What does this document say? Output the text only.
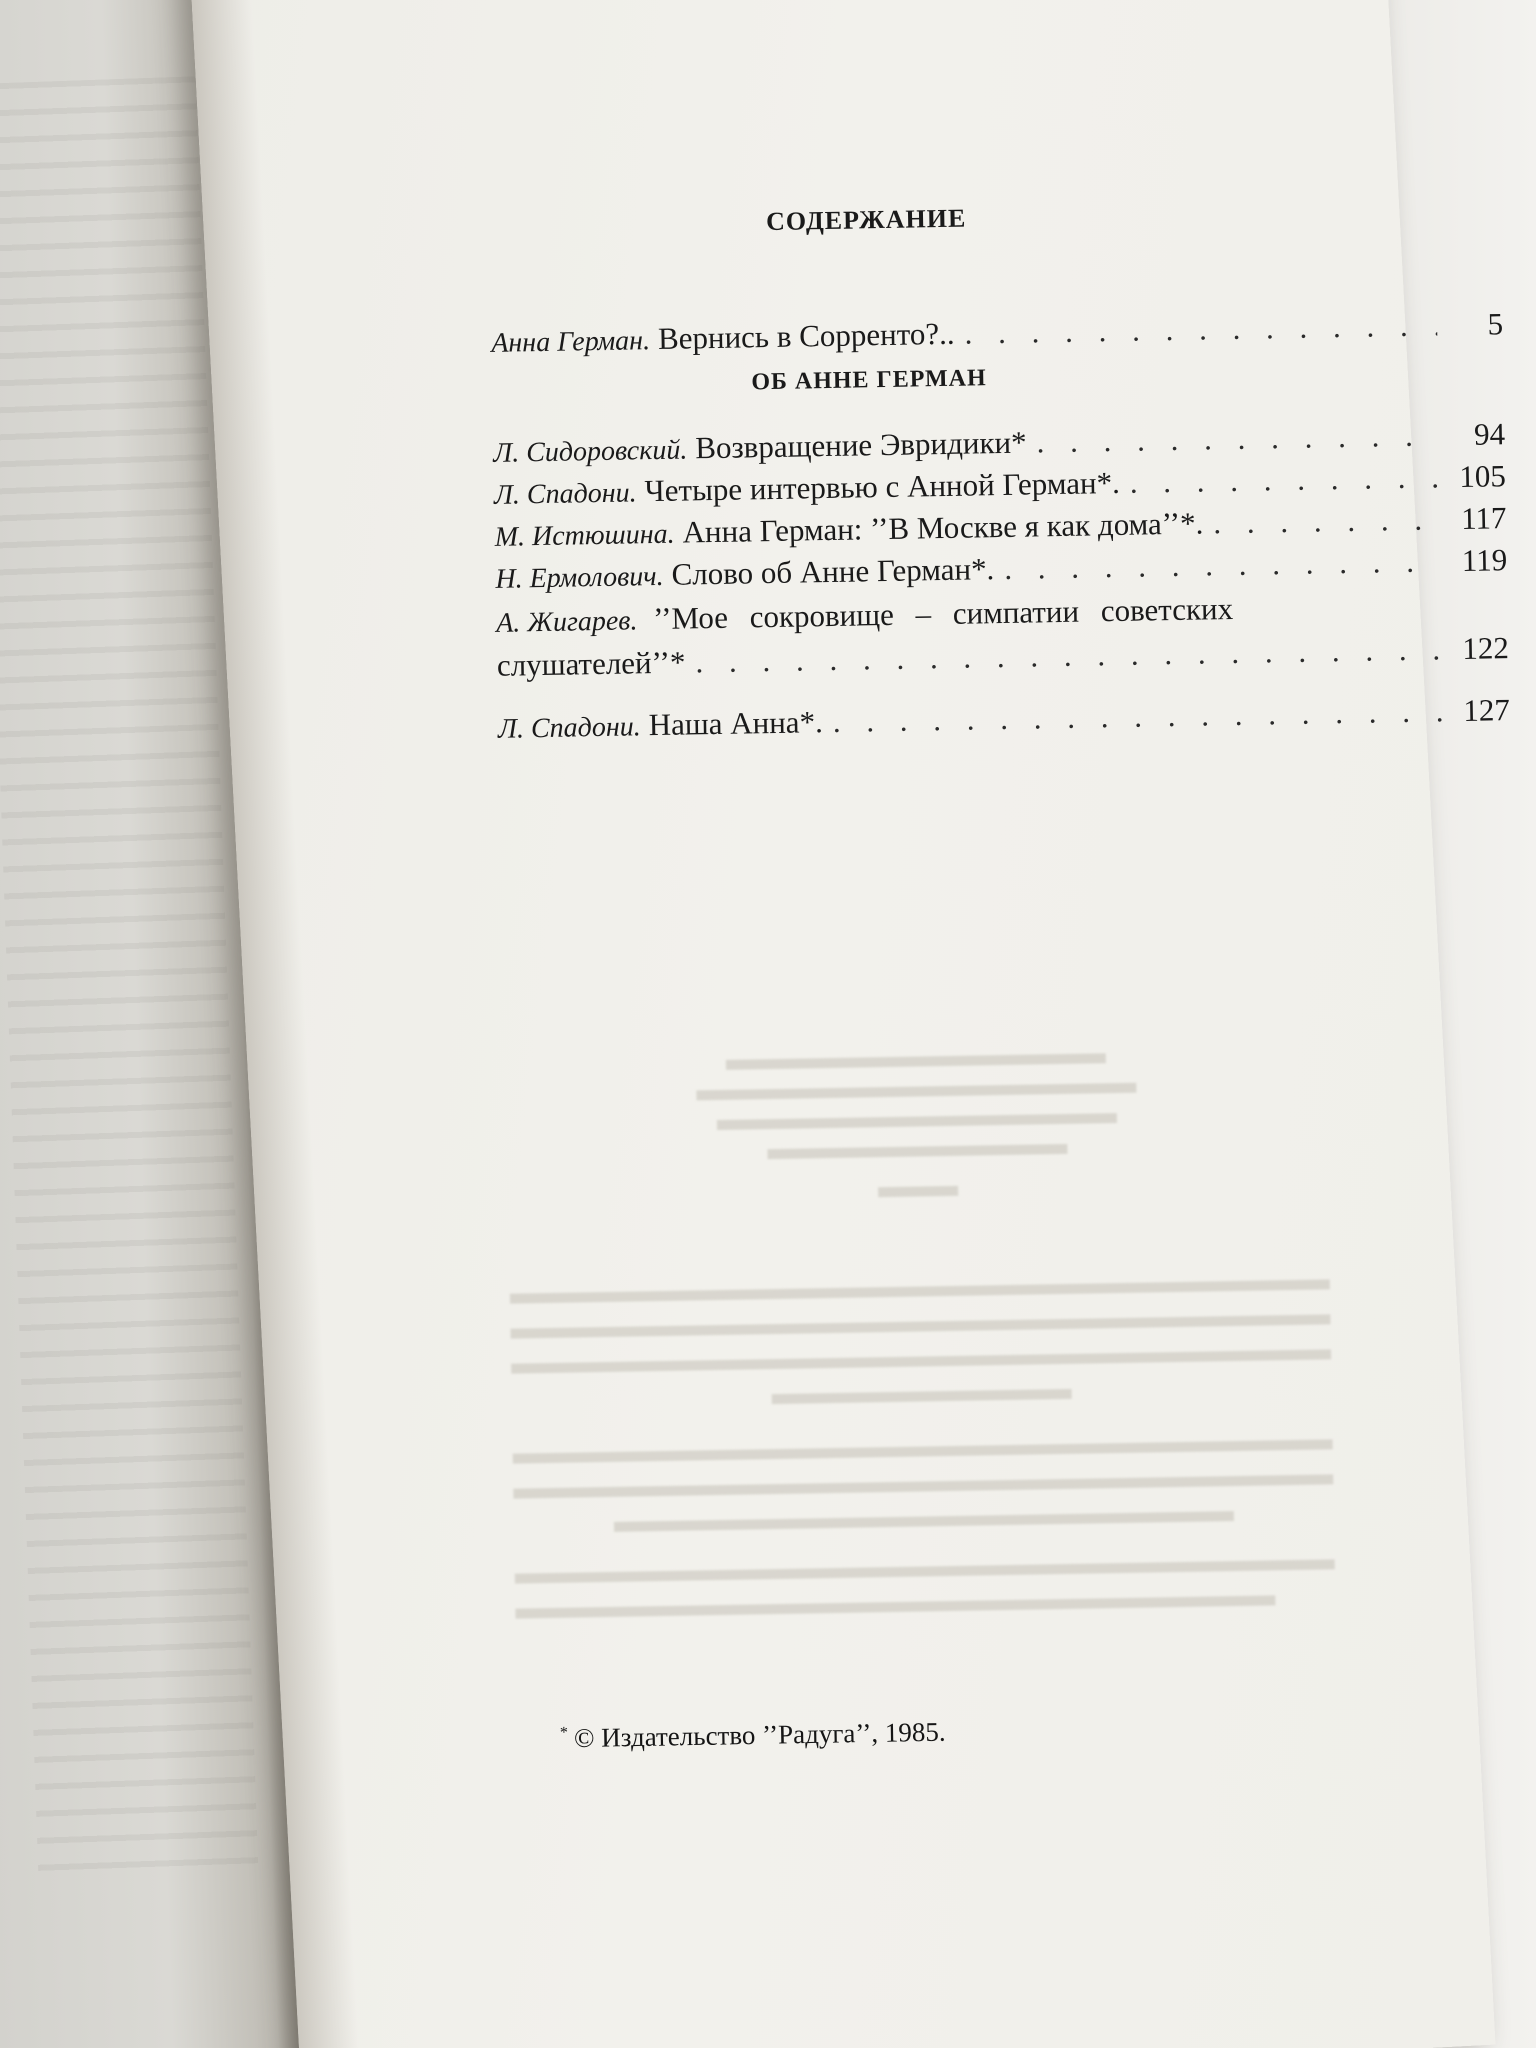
СОДЕРЖАНИЕ
Анна Герман. Вернись в Сорренто?.. . . .	5
ОБ АННЕ ГЕРМАН
Л. Сидоровский. Возвращение Эвридики* . . .	94
Л. Спадони. Четыре интервью с Анной Герман*. . . .	105
М. Истюшина. Анна Герман: ’’В Москве я как дома’’*. . . .	117
Н. Ермолович. Слово об Анне Герман*. . . .	119
А. Жигарев. ’’Мое сокровище – симпатии советских
слушателей’’* . . .	122
Л. Спадони. Наша Анна*. . . .	127
* © Издательство ’’Радуга’’, 1985.
